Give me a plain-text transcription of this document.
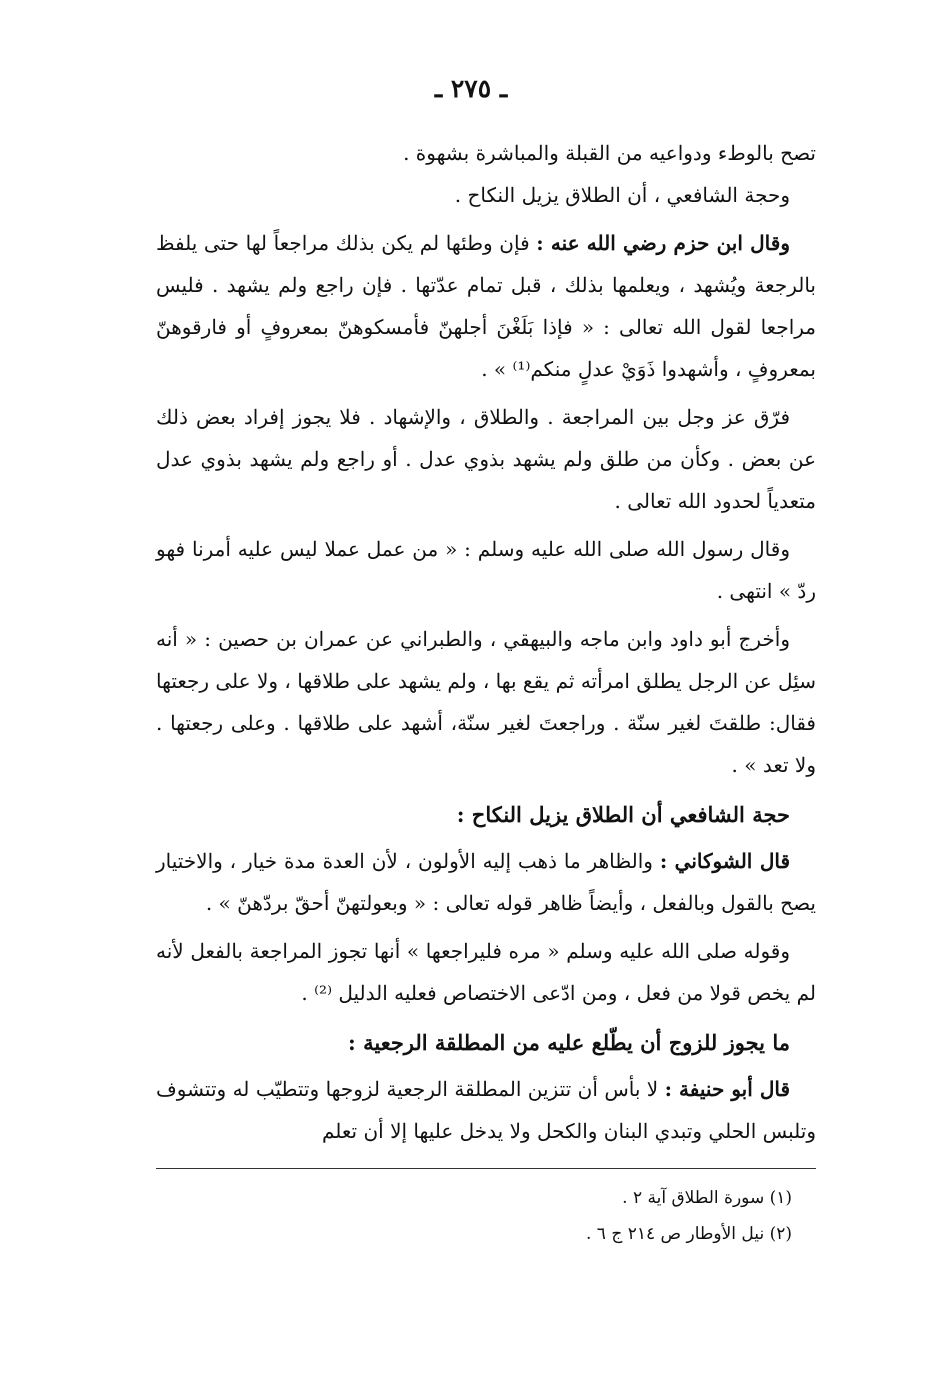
ـ ٢٧٥ ـ

تصح بالوطء ودواعيه من القبلة والمباشرة بشهوة .

وحجة الشافعي ، أن الطلاق يزيل النكاح .

وقال ابن حزم رضي الله عنه : فإن وطئها لم يكن بذلك مراجعاً لها حتى يلفظ بالرجعة ويُشهد ، ويعلمها بذلك ، قبل تمام عدّتها . فإن راجع ولم يشهد . فليس مراجعا لقول الله تعالى : « فإذا بَلَغْنَ أجلهنّ فأمسكوهنّ بمعروفٍ أو فارقوهنّ بمعروفٍ ، وأشهدوا ذَوَيْ عدلٍ منكم⁽¹⁾ » .

فرّق عز وجل بين المراجعة . والطلاق ، والإشهاد . فلا يجوز إفراد بعض ذلك عن بعض . وكأن من طلق ولم يشهد بذوي عدل . أو راجع ولم يشهد بذوي عدل متعدياً لحدود الله تعالى .

وقال رسول الله صلى الله عليه وسلم : « من عمل عملا ليس عليه أمرنا فهو ردّ » انتهى .

وأخرج أبو داود وابن ماجه والبيهقي ، والطبراني عن عمران بن حصين : « أنه سئِل عن الرجل يطلق امرأته ثم يقع بها ، ولم يشهد على طلاقها ، ولا على رجعتها فقال: طلقتَ لغير سنّة . وراجعتَ لغير سنّة، أشهد على طلاقها . وعلى رجعتها . ولا تعد » .

حجة الشافعي أن الطلاق يزيل النكاح :

قال الشوكاني : والظاهر ما ذهب إليه الأولون ، لأن العدة مدة خيار ، والاختيار يصح بالقول وبالفعل ، وأيضاً ظاهر قوله تعالى : « وبعولتهنّ أحقّ بردّهنّ » .

وقوله صلى الله عليه وسلم « مره فليراجعها » أنها تجوز المراجعة بالفعل لأنه لم يخص قولا من فعل ، ومن ادّعى الاختصاص فعليه الدليل ⁽²⁾ .

ما يجوز للزوج أن يطّلع عليه من المطلقة الرجعية :

قال أبو حنيفة : لا بأس أن تتزين المطلقة الرجعية لزوجها وتتطيّب له وتتشوف وتلبس الحلي وتبدي البنان والكحل ولا يدخل عليها إلا أن تعلم

(١) سورة الطلاق آية ٢ .

(٢) نيل الأوطار ص ٢١٤ ج ٦ .
